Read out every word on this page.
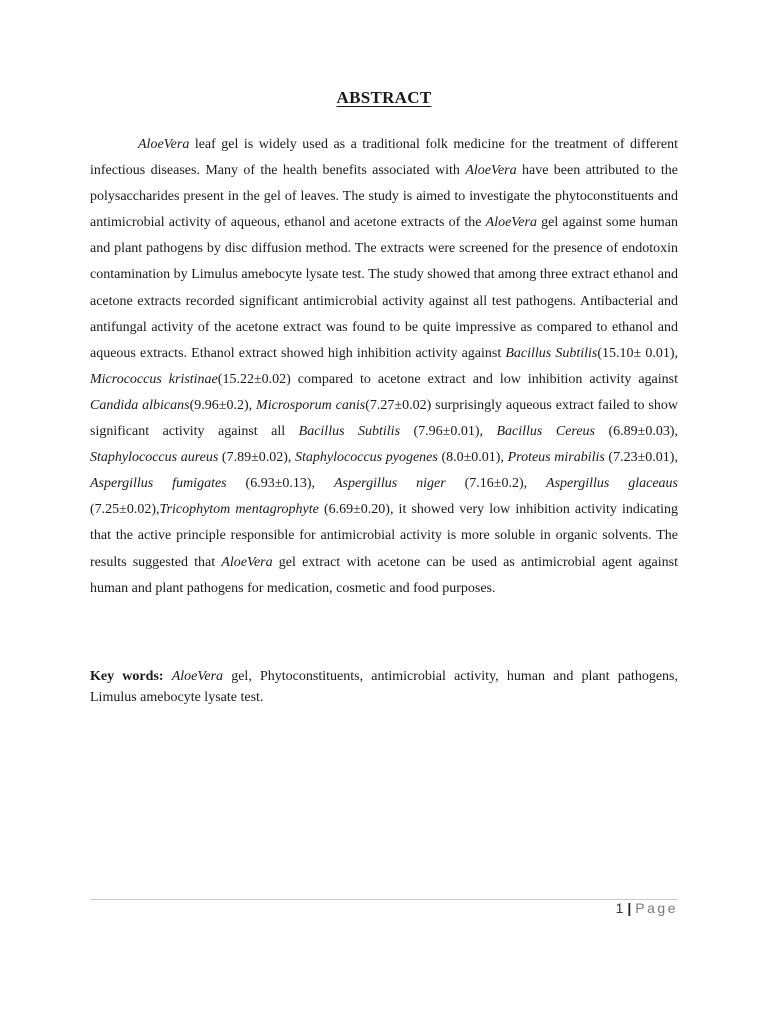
ABSTRACT

AloeVera leaf gel is widely used as a traditional folk medicine for the treatment of different infectious diseases. Many of the health benefits associated with AloeVera have been attributed to the polysaccharides present in the gel of leaves. The study is aimed to investigate the phytoconstituents and antimicrobial activity of aqueous, ethanol and acetone extracts of the AloeVera gel against some human and plant pathogens by disc diffusion method. The extracts were screened for the presence of endotoxin contamination by Limulus amebocyte lysate test. The study showed that among three extract ethanol and acetone extracts recorded significant antimicrobial activity against all test pathogens. Antibacterial and antifungal activity of the acetone extract was found to be quite impressive as compared to ethanol and aqueous extracts. Ethanol extract showed high inhibition activity against Bacillus Subtilis(15.10± 0.01), Micrococcus kristinae(15.22±0.02) compared to acetone extract and low inhibition activity against Candida albicans(9.96±0.2), Microsporum canis(7.27±0.02) surprisingly aqueous extract failed to show significant activity against all Bacillus Subtilis (7.96±0.01), Bacillus Cereus (6.89±0.03), Staphylococcus aureus (7.89±0.02), Staphylococcus pyogenes (8.0±0.01), Proteus mirabilis (7.23±0.01), Aspergillus fumigates (6.93±0.13), Aspergillus niger (7.16±0.2), Aspergillus glaceaus (7.25±0.02),Tricophytom mentagrophyte (6.69±0.20), it showed very low inhibition activity indicating that the active principle responsible for antimicrobial activity is more soluble in organic solvents. The results suggested that AloeVera gel extract with acetone can be used as antimicrobial agent against human and plant pathogens for medication, cosmetic and food purposes.

Key words: AloeVera gel, Phytoconstituents, antimicrobial activity, human and plant pathogens, Limulus amebocyte lysate test.

1 | Page
